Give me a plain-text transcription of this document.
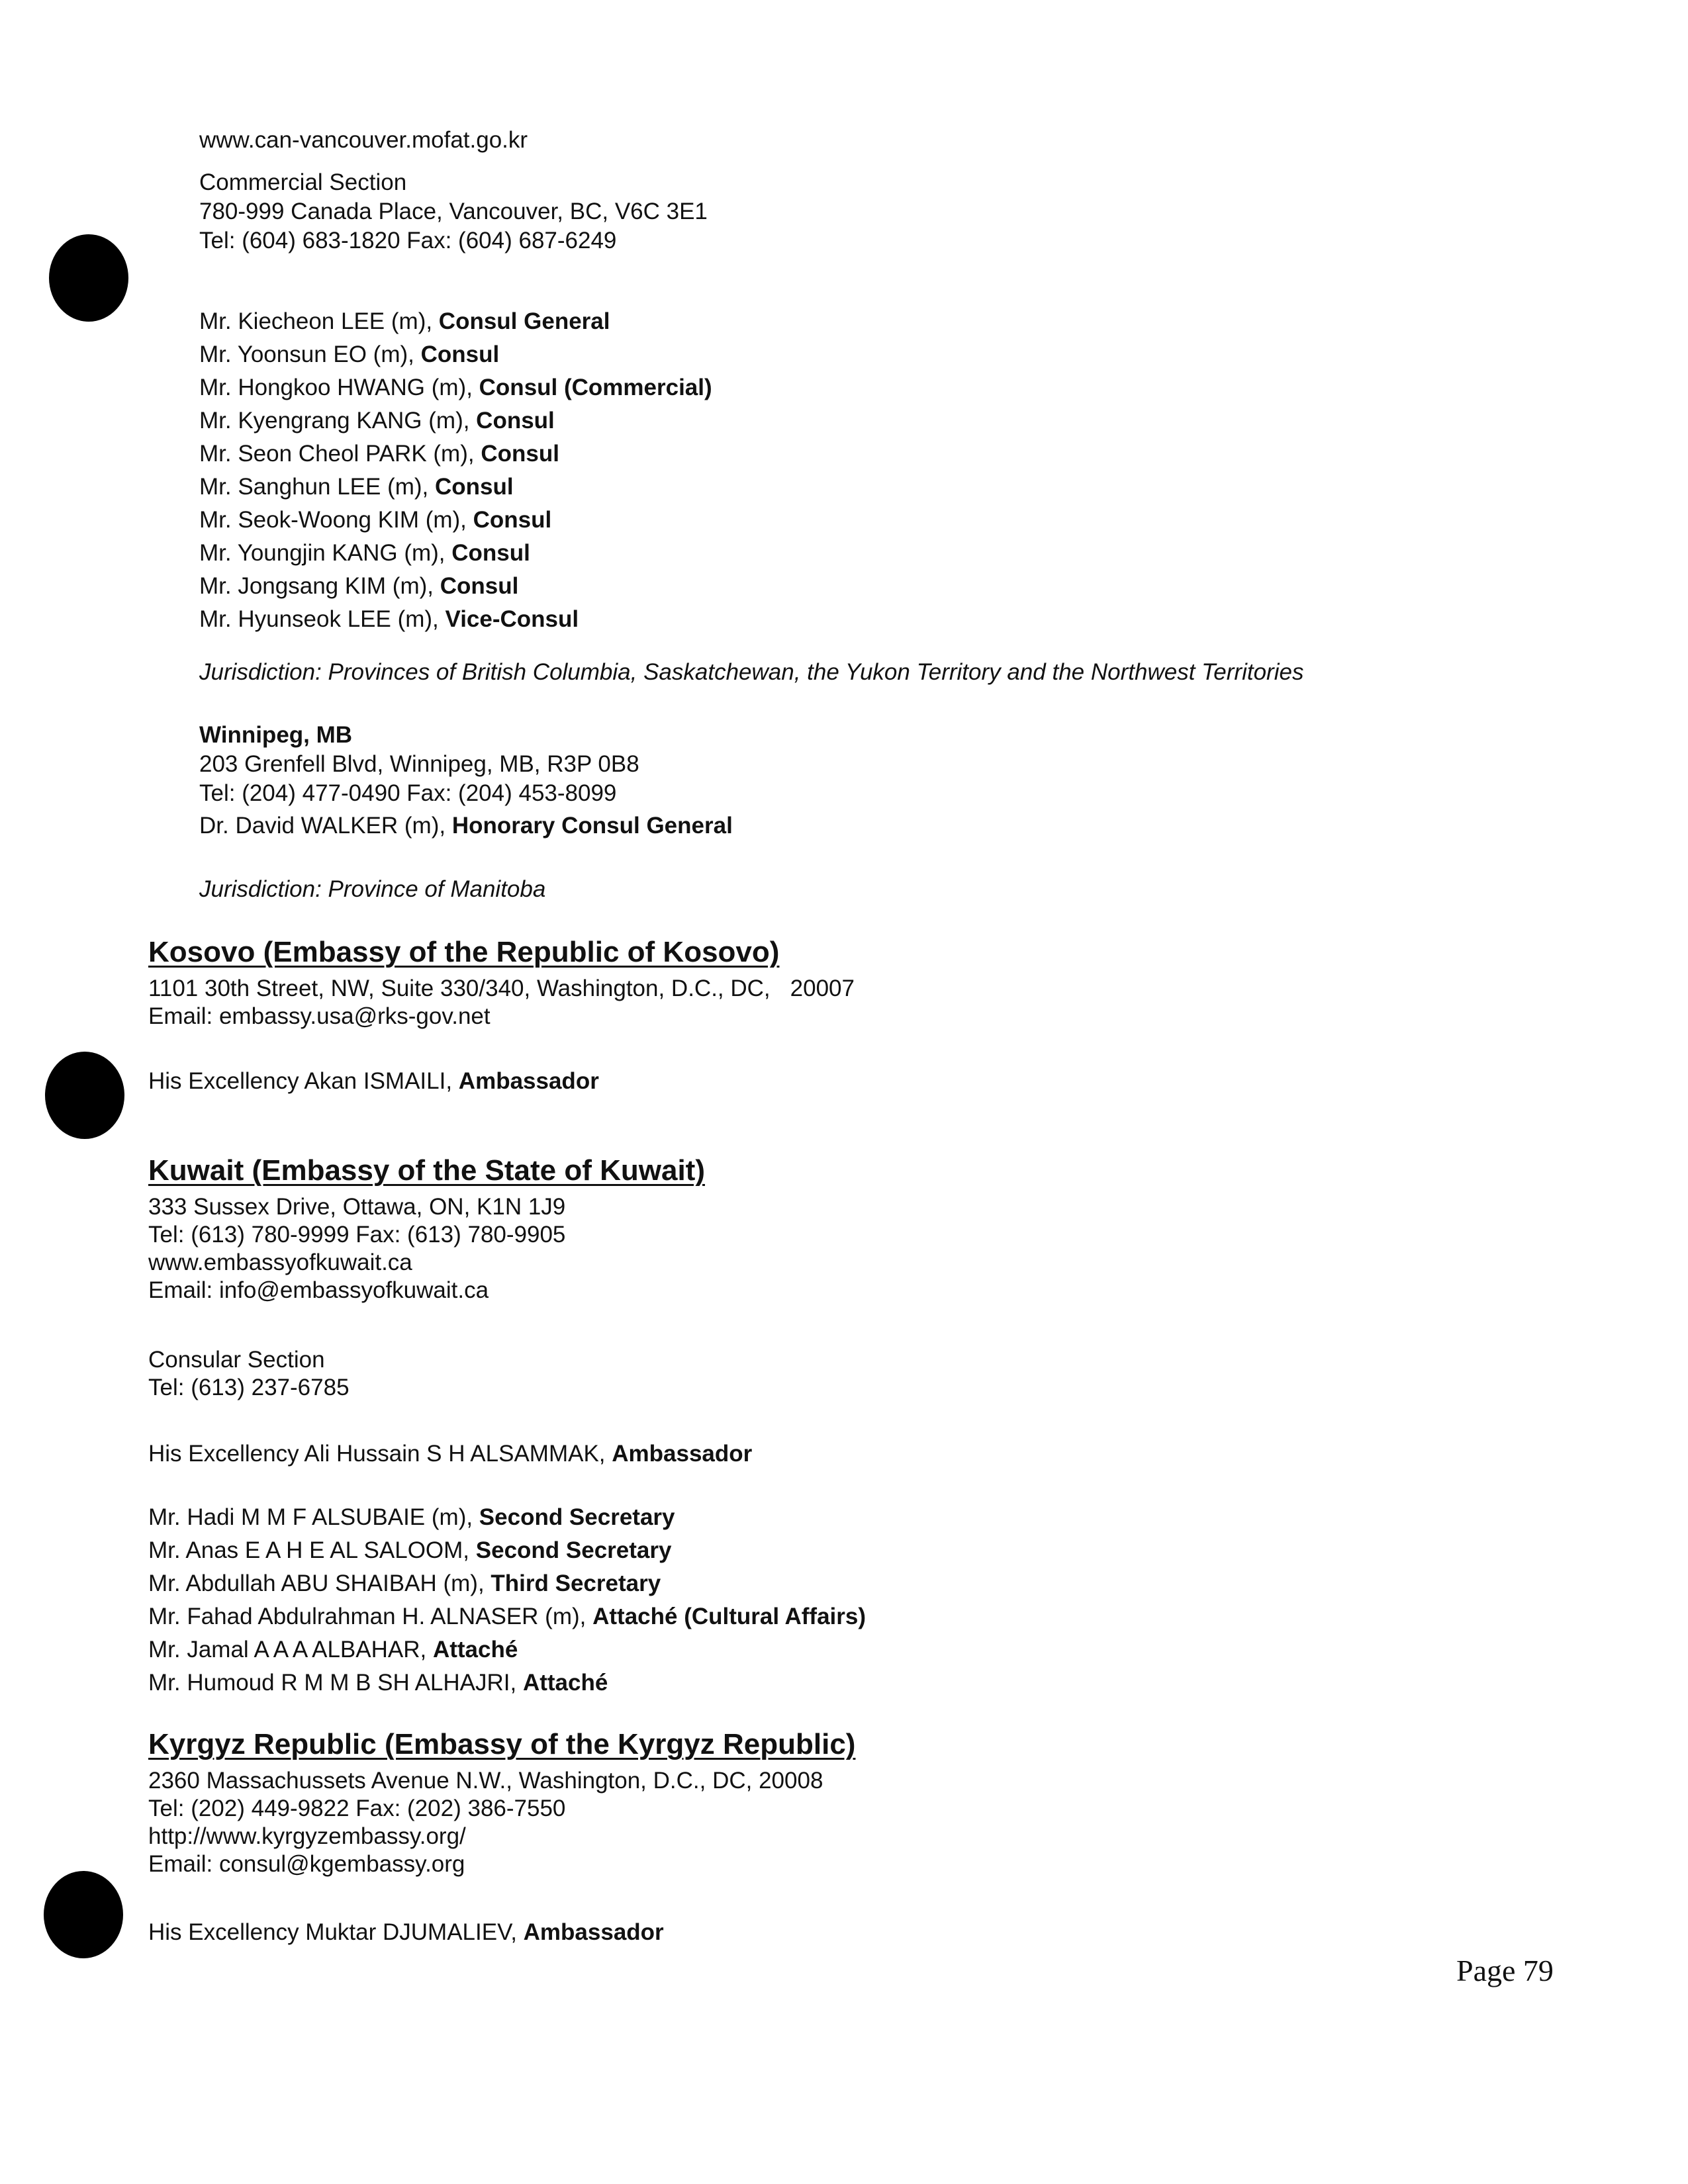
www.can-vancouver.mofat.go.kr
Commercial Section
780-999 Canada Place, Vancouver, BC, V6C 3E1
Tel: (604) 683-1820 Fax: (604) 687-6249
Mr. Kiecheon LEE (m), Consul General
Mr. Yoonsun EO (m), Consul
Mr. Hongkoo HWANG (m), Consul (Commercial)
Mr. Kyengrang KANG (m), Consul
Mr. Seon Cheol PARK (m), Consul
Mr. Sanghun LEE (m), Consul
Mr. Seok-Woong KIM (m), Consul
Mr. Youngjin KANG (m), Consul
Mr. Jongsang KIM (m), Consul
Mr. Hyunseok LEE (m), Vice-Consul
Jurisdiction: Provinces of British Columbia, Saskatchewan, the Yukon Territory and the Northwest Territories
Winnipeg, MB
203 Grenfell Blvd, Winnipeg, MB, R3P 0B8
Tel: (204) 477-0490 Fax: (204) 453-8099
Dr. David WALKER (m), Honorary Consul General
Jurisdiction: Province of Manitoba
Kosovo (Embassy of the Republic of Kosovo)
1101 30th Street, NW, Suite 330/340, Washington, D.C., DC, 20007
Email: embassy.usa@rks-gov.net
His Excellency Akan ISMAILI, Ambassador
Kuwait (Embassy of the State of Kuwait)
333 Sussex Drive, Ottawa, ON, K1N 1J9
Tel: (613) 780-9999 Fax: (613) 780-9905
www.embassyofkuwait.ca
Email: info@embassyofkuwait.ca
Consular Section
Tel: (613) 237-6785
His Excellency Ali Hussain S H ALSAMMAK, Ambassador
Mr. Hadi M M F ALSUBAIE (m), Second Secretary
Mr. Anas E A H E AL SALOOM, Second Secretary
Mr. Abdullah ABU SHAIBAH (m), Third Secretary
Mr. Fahad Abdulrahman H. ALNASER (m), Attaché (Cultural Affairs)
Mr. Jamal A A A ALBAHAR, Attaché
Mr. Humoud R M M B SH ALHAJRI, Attaché
Kyrgyz Republic (Embassy of the Kyrgyz Republic)
2360 Massachussets Avenue N.W., Washington, D.C., DC, 20008
Tel: (202) 449-9822 Fax: (202) 386-7550
http://www.kyrgyzembassy.org/
Email: consul@kgembassy.org
His Excellency Muktar DJUMALIEV, Ambassador
Page 79
